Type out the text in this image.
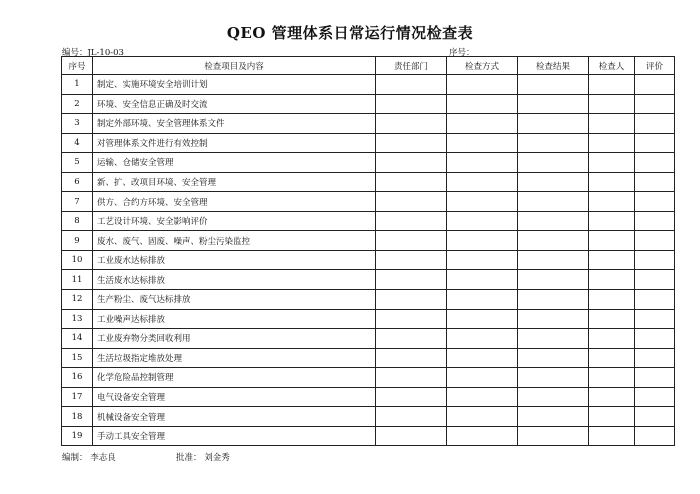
QEO 管理体系日常运行情况检查表
编号：JL-10-03	序号：
序号	检查项目及内容	责任部门	检查方式	检查结果	检查人	评价
1	制定、实施环境安全培训计划					
2	环境、安全信息正确及时交流					
3	制定外部环境、安全管理体系文件					
4	对管理体系文件进行有效控制					
5	运输、仓储安全管理					
6	新、扩、改项目环境、安全管理					
7	供方、合约方环境、安全管理					
8	工艺设计环境、安全影响评价					
9	废水、废气、固废、噪声、粉尘污染监控					
10	工业废水达标排放					
11	生活废水达标排放					
12	生产粉尘、废气达标排放					
13	工业噪声达标排放					
14	工业废弃物分类回收利用					
15	生活垃圾指定堆放处理					
16	化学危险品控制管理					
17	电气设备安全管理					
18	机械设备安全管理					
19	手动工具安全管理					
编制： 李志良	批准： 刘金秀
